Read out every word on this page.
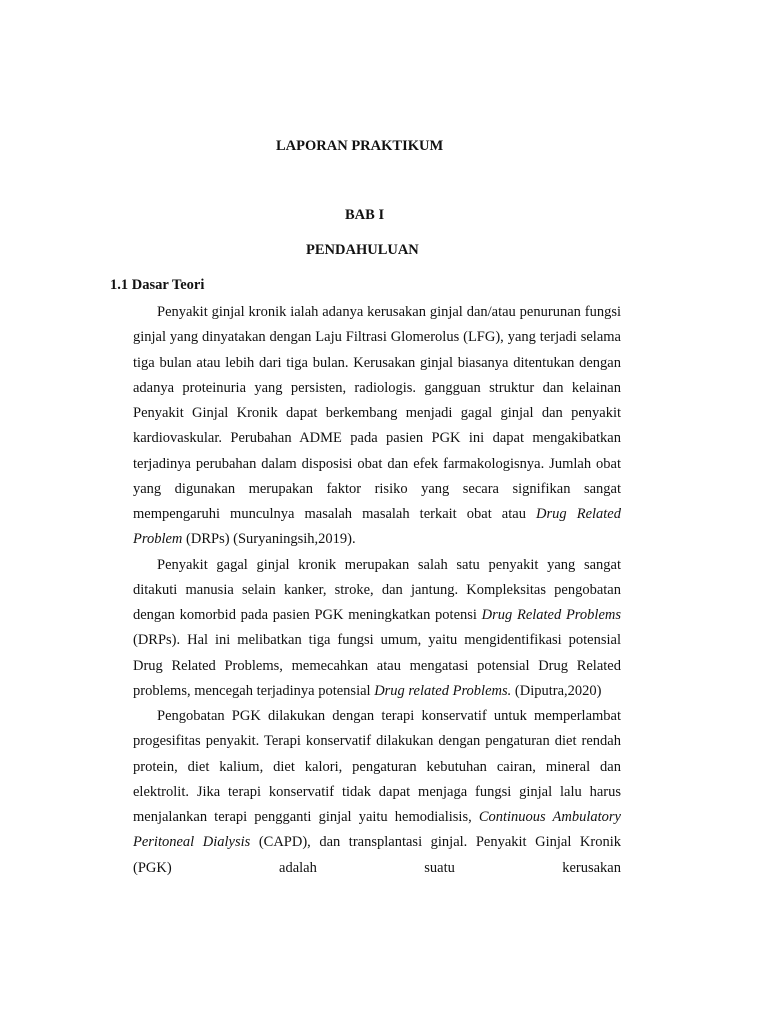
LAPORAN PRAKTIKUM
BAB I
PENDAHULUAN
1.1 Dasar Teori

Penyakit ginjal kronik ialah adanya kerusakan ginjal dan/atau penurunan fungsi ginjal yang dinyatakan dengan Laju Filtrasi Glomerolus (LFG), yang terjadi selama tiga bulan atau lebih dari tiga bulan. Kerusakan ginjal biasanya ditentukan dengan adanya proteinuria yang persisten, radiologis. gangguan struktur dan kelainan Penyakit Ginjal Kronik dapat berkembang menjadi gagal ginjal dan penyakit kardiovaskular. Perubahan ADME pada pasien PGK ini dapat mengakibatkan terjadinya perubahan dalam disposisi obat dan efek farmakologisnya. Jumlah obat yang digunakan merupakan faktor risiko yang secara signifikan sangat mempengaruhi munculnya masalah masalah terkait obat atau Drug Related Problem (DRPs) (Suryaningsih,2019).

Penyakit gagal ginjal kronik merupakan salah satu penyakit yang sangat ditakuti manusia selain kanker, stroke, dan jantung. Kompleksitas pengobatan dengan komorbid pada pasien PGK meningkatkan potensi Drug Related Problems (DRPs). Hal ini melibatkan tiga fungsi umum, yaitu mengidentifikasi potensial Drug Related Problems, memecahkan atau mengatasi potensial Drug Related problems, mencegah terjadinya potensial Drug related Problems. (Diputra,2020)

Pengobatan PGK dilakukan dengan terapi konservatif untuk memperlambat progesifitas penyakit. Terapi konservatif dilakukan dengan pengaturan diet rendah protein, diet kalium, diet kalori, pengaturan kebutuhan cairan, mineral dan elektrolit. Jika terapi konservatif tidak dapat menjaga fungsi ginjal lalu harus menjalankan terapi pengganti ginjal yaitu hemodialisis, Continuous Ambulatory Peritoneal Dialysis (CAPD), dan transplantasi ginjal. Penyakit Ginjal Kronik (PGK) adalah suatu kerusakan
